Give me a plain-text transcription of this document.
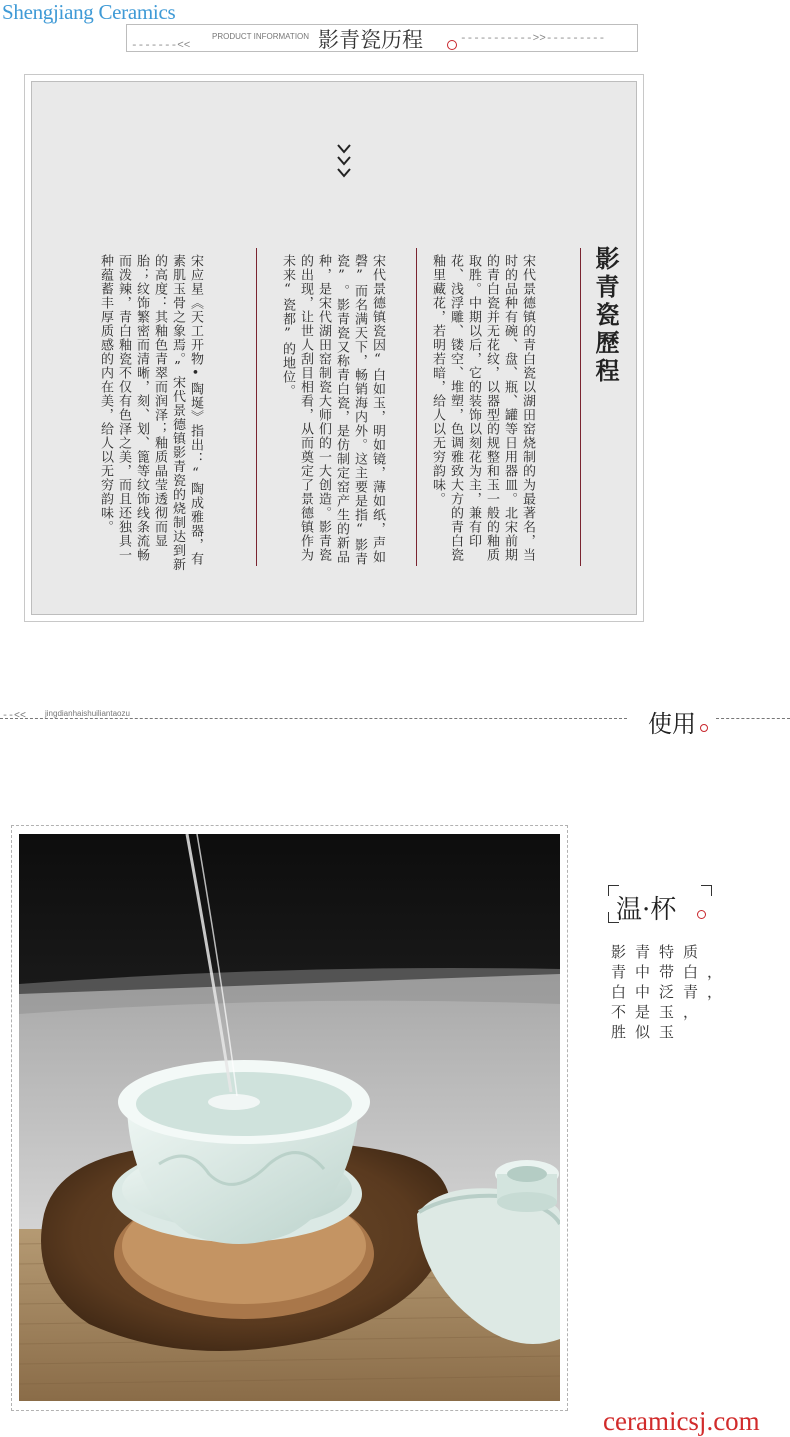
Shengjiang Ceramics
-------<<
PRODUCT INFORMATION 影青瓷历程	----------->>---------
影青瓷歷程
宋代景德镇的青白瓷以湖田窑烧制的为最著名，当时的品种有碗、盘、瓶、罐等日用器皿。北宋前期的青白瓷并无花纹，以器型的规整和玉一般的釉质取胜。中期以后，它的装饰以刻花为主，兼有印花、浅浮雕、镂空、堆塑，色调雅致大方的青白瓷釉里藏花，若明若暗，给人以无穷韵味。
宋代景德镇瓷因“白如玉，明如镜，薄如纸，声如磬”而名满天下，畅销海内外。这主要是指“影青瓷”。影青瓷又称青白瓷，是仿制定窑产生的新品种，是宋代湖田窑制瓷大师们的一大创造。影青瓷的出现，让世人刮目相看，从而奠定了景德镇作为未来“瓷都”的地位。
宋应星《天工开物•陶埏》指出：“陶成雅器，有素肌玉骨之象焉。”宋代景德镇影青瓷的烧制达到新的高度：其釉色青翠而润泽；釉质晶莹透彻而显胎；纹饰繁密而清晰，刻、划、篦等纹饰线条流畅而泼辣，青白釉瓷不仅有色泽之美，而且还独具一种蕴蓄丰厚质感的内在美，给人以无穷韵味。
--<< jingdianhaishuiliantaozu	使用
温·杯
影青特质
青中带白，
白中泛青，
不是玉，
胜似玉
ceramicsj.com
